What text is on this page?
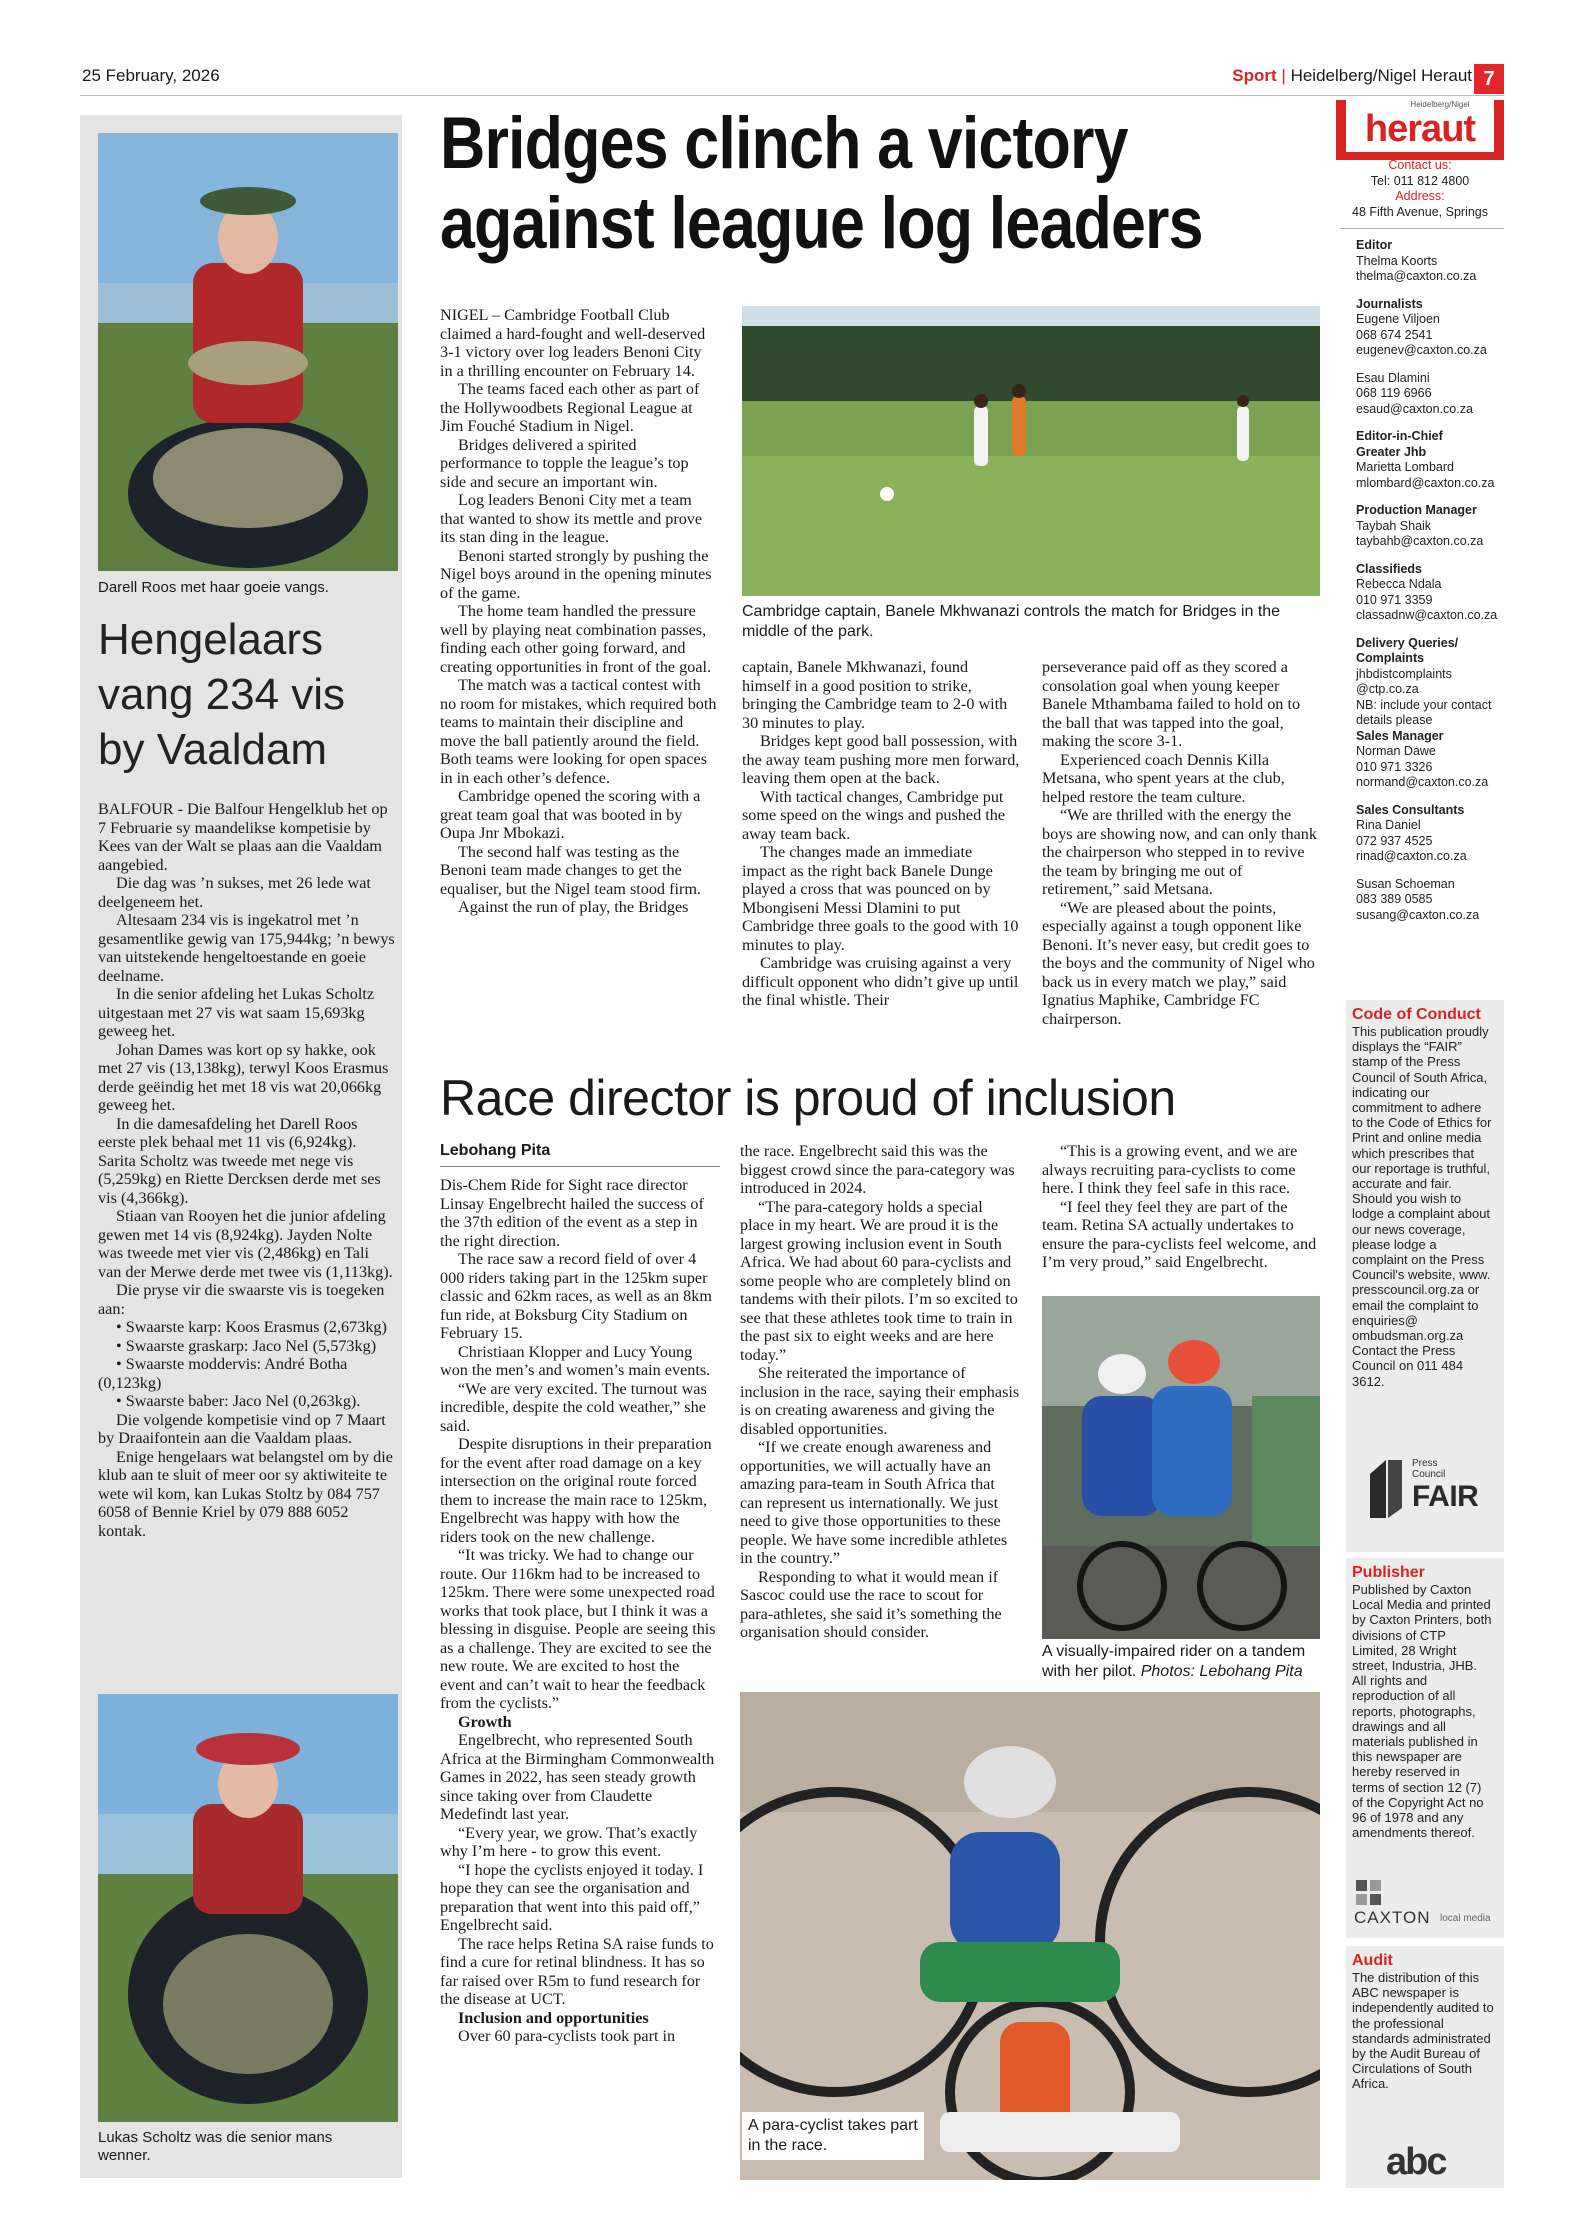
25 February, 2026	Sport | Heidelberg/Nigel Heraut 7
Darell Roos met haar goeie vangs.
Hengelaars vang 234 vis by Vaaldam

BALFOUR - Die Balfour Hengelklub het op 7 Februarie sy maandelikse kompetisie by Kees van der Walt se plaas aan die Vaaldam aangebied.

Die dag was ’n sukses, met 26 lede wat deelgeneem het.

Altesaam 234 vis is ingekatrol met ’n gesamentlike gewig van 175,944kg; ’n bewys van uitstekende hengeltoestande en goeie deelname.

In die senior afdeling het Lukas Scholtz uitgestaan met 27 vis wat saam 15,693kg geweeg het.

Johan Dames was kort op sy hakke, ook met 27 vis (13,138kg), terwyl Koos Erasmus derde geëindig het met 18 vis wat 20,066kg geweeg het.

In die damesafdeling het Darell Roos eerste plek behaal met 11 vis (6,924kg). Sarita Scholtz was tweede met nege vis (5,259kg) en Riette Dercksen derde met ses vis (4,366kg).

Stiaan van Rooyen het die junior afdeling gewen met 14 vis (8,924kg). Jayden Nolte was tweede met vier vis (2,486kg) en Tali van der Merwe derde met twee vis (1,113kg).

Die pryse vir die swaarste vis is toegeken aan:

• Swaarste karp: Koos Erasmus (2,673kg)

• Swaarste graskarp: Jaco Nel (5,573kg)

• Swaarste moddervis: André Botha (0,123kg)

• Swaarste baber: Jaco Nel (0,263kg).

Die volgende kompetisie vind op 7 Maart by Draaifontein aan die Vaaldam plaas.

Enige hengelaars wat belangstel om by die klub aan te sluit of meer oor sy aktiwiteite te wete wil kom, kan Lukas Stoltz by 084 757 6058 of Bennie Kriel by 079 888 6052 kontak.

Lukas Scholtz was die senior mans wenner.
Bridges clinch a victory against league log leaders

NIGEL – Cambridge Football Club claimed a hard-fought and well-deserved 3-1 victory over log leaders Benoni City in a thrilling encounter on February 14.

The teams faced each other as part of the Hollywoodbets Regional League at Jim Fouché Stadium in Nigel.

Bridges delivered a spirited performance to topple the league’s top side and secure an important win.

Log leaders Benoni City met a team that wanted to show its mettle and prove its stan ding in the league.

Benoni started strongly by pushing the Nigel boys around in the opening minutes of the game.

The home team handled the pressure well by playing neat combination passes, finding each other going forward, and creating opportunities in front of the goal.

The match was a tactical contest with no room for mistakes, which required both teams to maintain their discipline and move the ball patiently around the field. Both teams were looking for open spaces in in each other’s defence.

Cambridge opened the scoring with a great team goal that was booted in by Oupa Jnr Mbokazi.

The second half was testing as the Benoni team made changes to get the equaliser, but the Nigel team stood firm.

Against the run of play, the Bridges

Cambridge captain, Banele Mkhwanazi controls the match for Bridges in the middle of the park.

captain, Banele Mkhwanazi, found himself in a good position to strike, bringing the Cambridge team to 2-0 with 30 minutes to play.

Bridges kept good ball possession, with the away team pushing more men forward, leaving them open at the back.

With tactical changes, Cambridge put some speed on the wings and pushed the away team back.

The changes made an immediate impact as the right back Banele Dunge played a cross that was pounced on by Mbongiseni Messi Dlamini to put Cambridge three goals to the good with 10 minutes to play.

Cambridge was cruising against a very difficult opponent who didn’t give up until the final whistle. Their

perseverance paid off as they scored a consolation goal when young keeper Banele Mthambama failed to hold on to the ball that was tapped into the goal, making the score 3-1.

Experienced coach Dennis Killa Metsana, who spent years at the club, helped restore the team culture.

“We are thrilled with the energy the boys are showing now, and can only thank the chairperson who stepped in to revive the team by bringing me out of retirement,” said Metsana.

“We are pleased about the points, especially against a tough opponent like Benoni. It’s never easy, but credit goes to the boys and the community of Nigel who back us in every match we play,” said Ignatius Maphike, Cambridge FC chairperson.

Race director is proud of inclusion
Lebohang Pita

Dis-Chem Ride for Sight race director Linsay Engelbrecht hailed the success of the 37th edition of the event as a step in the right direction.

The race saw a record field of over 4 000 riders taking part in the 125km super classic and 62km races, as well as an 8km fun ride, at Boksburg City Stadium on February 15.

Christiaan Klopper and Lucy Young won the men’s and women’s main events.

“We are very excited. The turnout was incredible, despite the cold weather,” she said.

Despite disruptions in their preparation for the event after road damage on a key intersection on the original route forced them to increase the main race to 125km, Engelbrecht was happy with how the riders took on the new challenge.

“It was tricky. We had to change our route. Our 116km had to be increased to 125km. There were some unexpected road works that took place, but I think it was a blessing in disguise. People are seeing this as a challenge. They are excited to see the new route. We are excited to host the event and can’t wait to hear the feedback from the cyclists.”

Growth

Engelbrecht, who represented South Africa at the Birmingham Commonwealth Games in 2022, has seen steady growth since taking over from Claudette Medefindt last year.

“Every year, we grow. That’s exactly why I’m here - to grow this event.

“I hope the cyclists enjoyed it today. I hope they can see the organisation and preparation that went into this paid off,” Engelbrecht said.

The race helps Retina SA raise funds to find a cure for retinal blindness. It has so far raised over R5m to fund research for the disease at UCT.

Inclusion and opportunities

Over 60 para-cyclists took part in

the race. Engelbrecht said this was the biggest crowd since the para-category was introduced in 2024.

“The para-category holds a special place in my heart. We are proud it is the largest growing inclusion event in South Africa. We had about 60 para-cyclists and some people who are completely blind on tandems with their pilots. I’m so excited to see that these athletes took time to train in the past six to eight weeks and are here today.”

She reiterated the importance of inclusion in the race, saying their emphasis is on creating awareness and giving the disabled opportunities.

“If we create enough awareness and opportunities, we will actually have an amazing para-team in South Africa that can represent us internationally. We just need to give those opportunities to these people. We have some incredible athletes in the country.”

Responding to what it would mean if Sascoc could use the race to scout for para-athletes, she said it’s something the organisation should consider.

“This is a growing event, and we are always recruiting para-cyclists to come here. I think they feel safe in this race.

“I feel they feel they are part of the team. Retina SA actually undertakes to ensure the para-cyclists feel welcome, and I’m very proud,” said Engelbrecht.

A visually-impaired rider on a tandem with her pilot. Photos: Lebohang Pita
A para-cyclist takes part in the race.
Heidelberg/Nigel
heraut
Contact us:
Tel: 011 812 4800
Address:
48 Fifth Avenue, Springs
Editor
Thelma Koorts
thelma@caxton.co.za
Journalists
Eugene Viljoen
068 674 2541
eugenev@caxton.co.za
Esau Dlamini
068 119 6966
esaud@caxton.co.za
Editor-in-Chief
Greater Jhb
Marietta Lombard
mlombard@caxton.co.za
Production Manager
Taybah Shaik
taybahb@caxton.co.za
Classifieds
Rebecca Ndala
010 971 3359
classadnw@caxton.co.za
Delivery Queries/
Complaints
jhbdistcomplaints
@ctp.co.za
NB: include your contact
details please
Sales Manager
Norman Dawe
010 971 3326
normand@caxton.co.za
Sales Consultants
Rina Daniel
072 937 4525
rinad@caxton.co.za
Susan Schoeman
083 389 0585
susang@caxton.co.za
Code of Conduct
This publication proudly displays the “FAIR” stamp of the Press Council of South Africa, indicating our commitment to adhere to the Code of Ethics for Print and online media which prescribes that our reportage is truthful, accurate and fair. Should you wish to lodge a complaint about our news coverage, please lodge a complaint on the Press Council's website, www. presscouncil.org.za or email the complaint to enquiries@ ombudsman.org.za Contact the Press Council on 011 484 3612.
Press
Council
FAIR
Publisher
Published by Caxton Local Media and printed by Caxton Printers, both divisions of CTP Limited, 28 Wright street, Industria, JHB. All rights and reproduction of all reports, photographs, drawings and all materials published in this newspaper are hereby reserved in terms of section 12 (7) of the Copyright Act no 96 of 1978 and any amendments thereof.
CAXTON local media
Audit
The distribution of this ABC newspaper is independently audited to the professional standards administrated by the Audit Bureau of Circulations of South Africa.
abc
